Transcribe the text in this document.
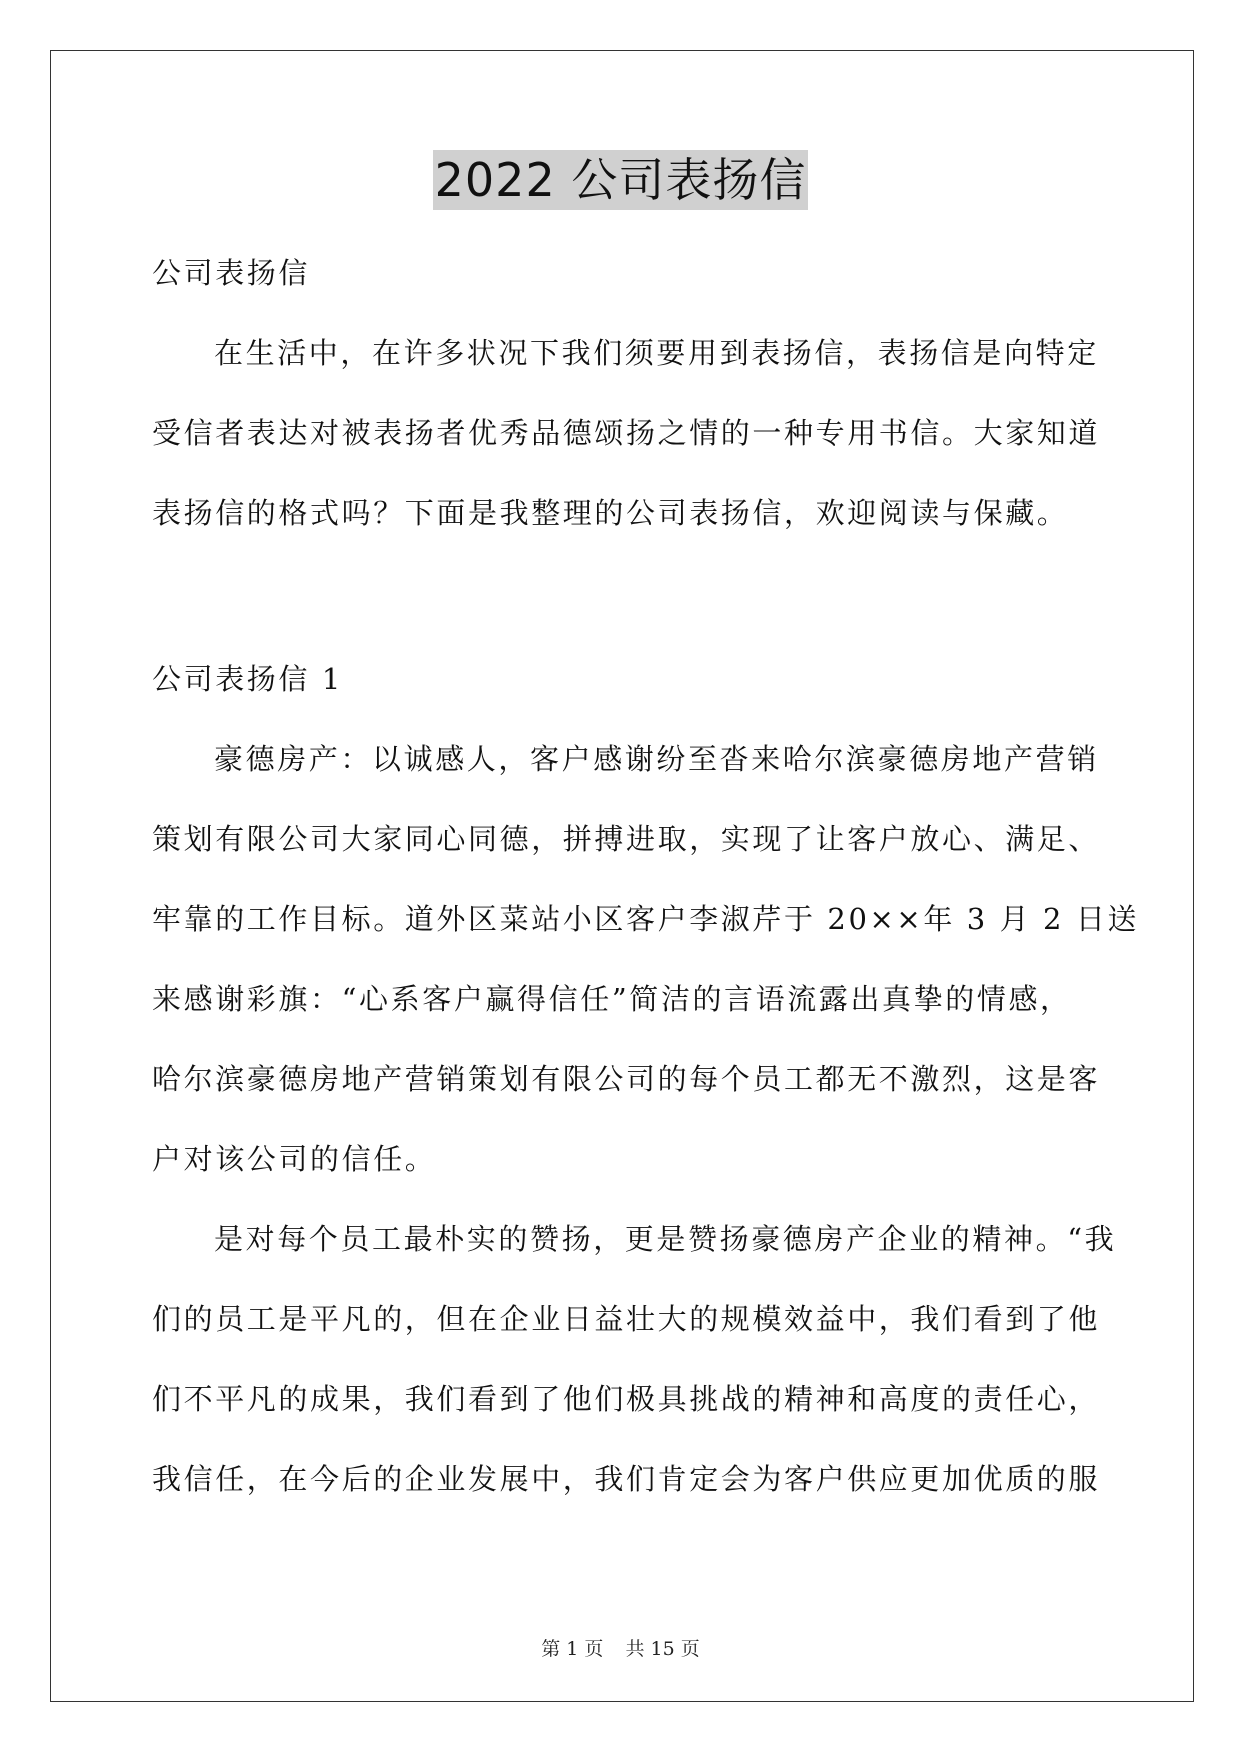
2022 公司表扬信
公司表扬信
在生活中，在许多状况下我们须要用到表扬信，表扬信是向特定
受信者表达对被表扬者优秀品德颂扬之情的一种专用书信。大家知道
表扬信的格式吗？下面是我整理的公司表扬信，欢迎阅读与保藏。
公司表扬信 1
豪德房产：以诚感人，客户感谢纷至沓来哈尔滨豪德房地产营销
策划有限公司大家同心同德，拼搏进取，实现了让客户放心、满足、
牢靠的工作目标。道外区菜站小区客户李淑芹于 20××年 3 月 2 日送
来感谢彩旗：“心系客户赢得信任”简洁的言语流露出真挚的情感，
哈尔滨豪德房地产营销策划有限公司的每个员工都无不激烈，这是客
户对该公司的信任。
是对每个员工最朴实的赞扬，更是赞扬豪德房产企业的精神。“我
们的员工是平凡的，但在企业日益壮大的规模效益中，我们看到了他
们不平凡的成果，我们看到了他们极具挑战的精神和高度的责任心，
我信任，在今后的企业发展中，我们肯定会为客户供应更加优质的服
第 1 页 共 15 页
